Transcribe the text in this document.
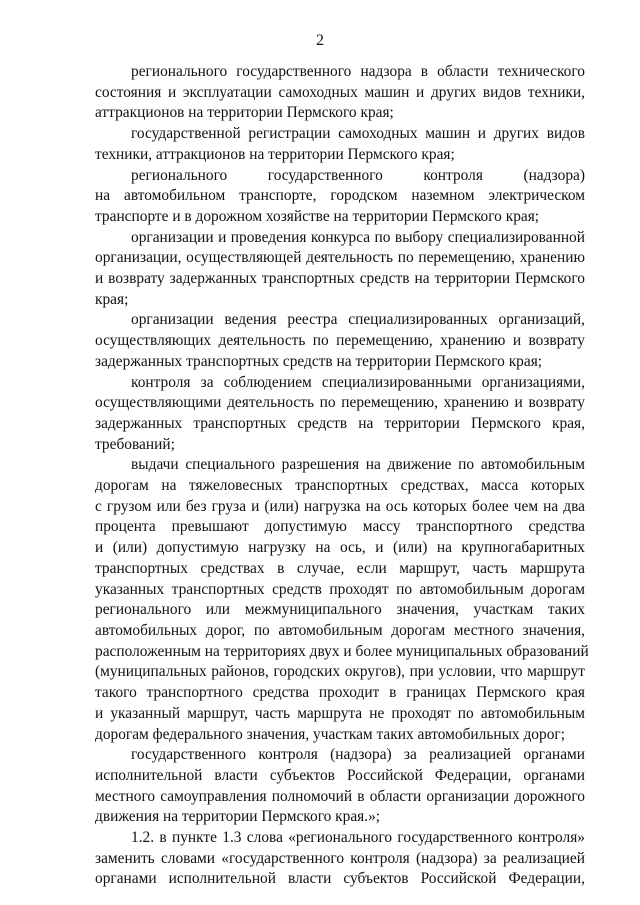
2
регионального государственного надзора в области технического
состояния и эксплуатации самоходных машин и других видов техники,
аттракционов на территории Пермского края;
государственной регистрации самоходных машин и других видов
техники, аттракционов на территории Пермского края;
регионального государственного контроля (надзора)
на автомобильном транспорте, городском наземном электрическом
транспорте и в дорожном хозяйстве на территории Пермского края;
организации и проведения конкурса по выбору специализированной
организации, осуществляющей деятельность по перемещению, хранению
и возврату задержанных транспортных средств на территории Пермского
края;
организации ведения реестра специализированных организаций,
осуществляющих деятельность по перемещению, хранению и возврату
задержанных транспортных средств на территории Пермского края;
контроля за соблюдением специализированными организациями,
осуществляющими деятельность по перемещению, хранению и возврату
задержанных транспортных средств на территории Пермского края,
требований;
выдачи специального разрешения на движение по автомобильным
дорогам на тяжеловесных транспортных средствах, масса которых
с грузом или без груза и (или) нагрузка на ось которых более чем на два
процента превышают допустимую массу транспортного средства
и (или) допустимую нагрузку на ось, и (или) на крупногабаритных
транспортных средствах в случае, если маршрут, часть маршрута
указанных транспортных средств проходят по автомобильным дорогам
регионального или межмуниципального значения, участкам таких
автомобильных дорог, по автомобильным дорогам местного значения,
расположенным на территориях двух и более муниципальных образований
(муниципальных районов, городских округов), при условии, что маршрут
такого транспортного средства проходит в границах Пермского края
и указанный маршрут, часть маршрута не проходят по автомобильным
дорогам федерального значения, участкам таких автомобильных дорог;
государственного контроля (надзора) за реализацией органами
исполнительной власти субъектов Российской Федерации, органами
местного самоуправления полномочий в области организации дорожного
движения на территории Пермского края.»;
1.2. в пункте 1.3 слова «регионального государственного контроля»
заменить словами «государственного контроля (надзора) за реализацией
органами исполнительной власти субъектов Российской Федерации,
